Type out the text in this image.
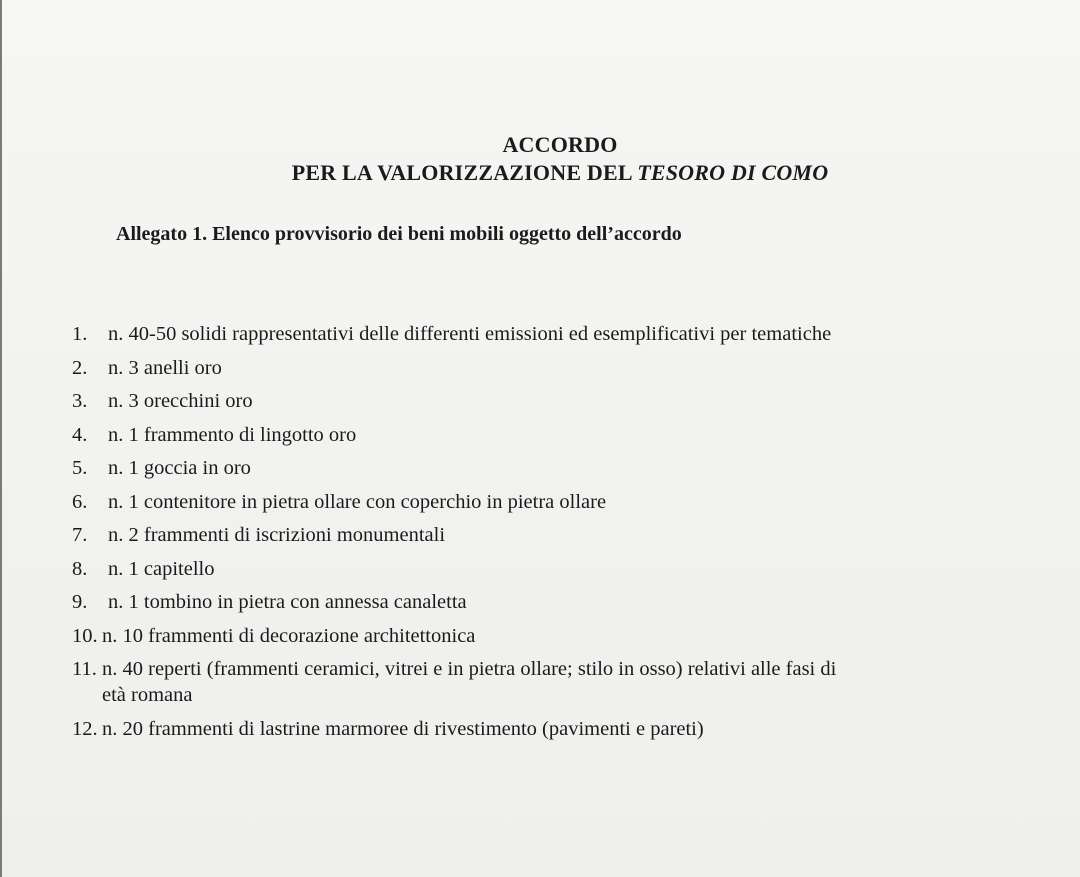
ACCORDO
PER LA VALORIZZAZIONE DEL TESORO DI COMO
Allegato 1. Elenco provvisorio dei beni mobili oggetto dell’accordo
1.	n. 40-50 solidi rappresentativi delle differenti emissioni ed esemplificativi per tematiche
2.	n. 3 anelli oro
3.	n. 3 orecchini oro
4.	n. 1 frammento di lingotto oro
5.	n. 1 goccia in oro
6.	n. 1 contenitore in pietra ollare con coperchio in pietra ollare
7.	n. 2 frammenti di iscrizioni monumentali
8.	n. 1 capitello
9.	n. 1 tombino in pietra con annessa canaletta
10. n. 10 frammenti di decorazione architettonica
11. n. 40 reperti (frammenti ceramici, vitrei e in pietra ollare; stilo in osso) relativi alle fasi di
età romana
12. n. 20 frammenti di lastrine marmoree di rivestimento (pavimenti e pareti)
